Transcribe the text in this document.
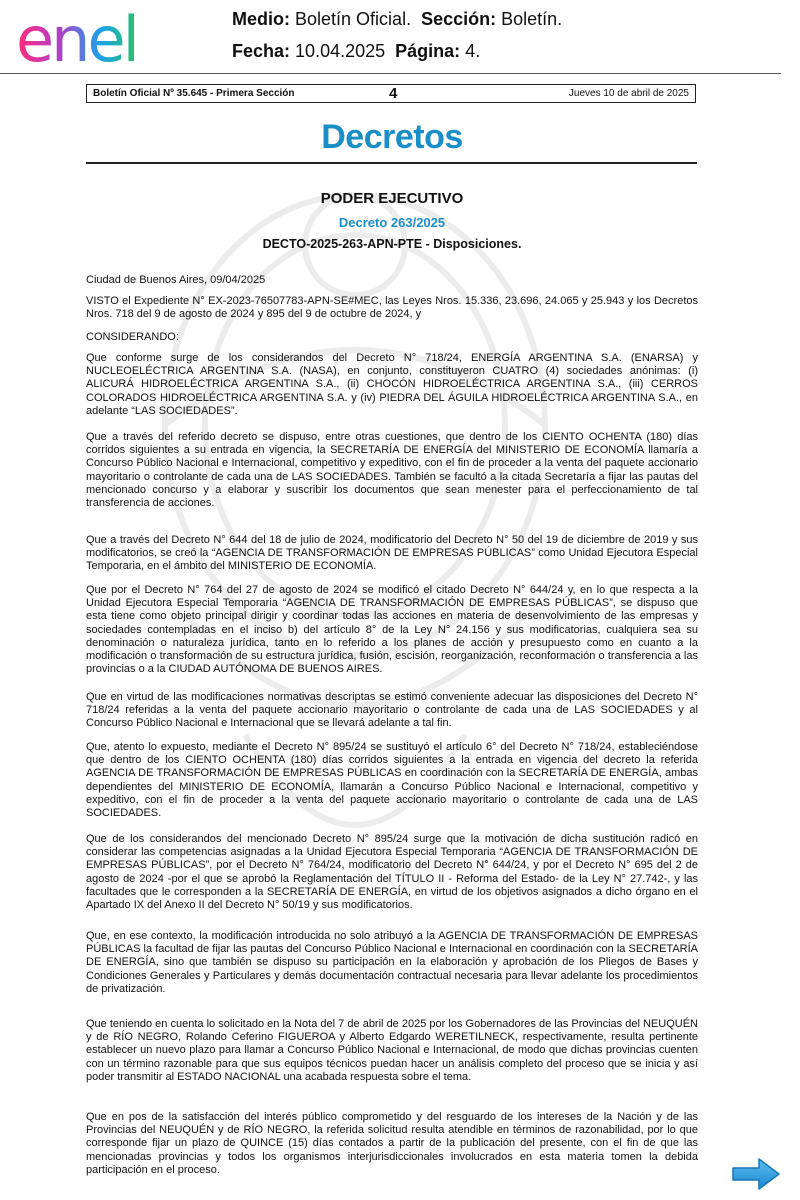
enel	Medio: Boletín Oficial. Sección: Boletín.
Fecha: 10.04.2025 Página: 4.
Boletín Oficial Nº 35.645 - Primera Sección	4	Jueves 10 de abril de 2025
Decretos
PODER EJECUTIVO
Decreto 263/2025
DECTO-2025-263-APN-PTE - Disposiciones.

Ciudad de Buenos Aires, 09/04/2025

VISTO el Expediente N° EX-2023-76507783-APN-SE#MEC, las Leyes Nros. 15.336, 23.696, 24.065 y 25.943 y los Decretos Nros. 718 del 9 de agosto de 2024 y 895 del 9 de octubre de 2024, y

CONSIDERANDO:

Que conforme surge de los considerandos del Decreto N° 718/24, ENERGÍA ARGENTINA S.A. (ENARSA) y NUCLEOELÉCTRICA ARGENTINA S.A. (NASA), en conjunto, constituyeron CUATRO (4) sociedades anónimas: (i) ALICURÁ HIDROELÉCTRICA ARGENTINA S.A., (ii) CHOCÓN HIDROELÉCTRICA ARGENTINA S.A., (iii) CERROS COLORADOS HIDROELÉCTRICA ARGENTINA S.A. y (iv) PIEDRA DEL ÁGUILA HIDROELÉCTRICA ARGENTINA S.A., en adelante “LAS SOCIEDADES”.

Que a través del referido decreto se dispuso, entre otras cuestiones, que dentro de los CIENTO OCHENTA (180) días corridos siguientes a su entrada en vigencia, la SECRETARÍA DE ENERGÍA del MINISTERIO DE ECONOMÍA llamaría a Concurso Público Nacional e Internacional, competitivo y expeditivo, con el fin de proceder a la venta del paquete accionario mayoritario o controlante de cada una de LAS SOCIEDADES. También se facultó a la citada Secretaría a fijar las pautas del mencionado concurso y a elaborar y suscribir los documentos que sean menester para el perfeccionamiento de tal transferencia de acciones.

Que a través del Decreto N° 644 del 18 de julio de 2024, modificatorio del Decreto N° 50 del 19 de diciembre de 2019 y sus modificatorios, se creó la “AGENCIA DE TRANSFORMACIÓN DE EMPRESAS PÚBLICAS” como Unidad Ejecutora Especial Temporaria, en el ámbito del MINISTERIO DE ECONOMÍA.

Que por el Decreto N° 764 del 27 de agosto de 2024 se modificó el citado Decreto N° 644/24 y, en lo que respecta a la Unidad Ejecutora Especial Temporaria “AGENCIA DE TRANSFORMACIÓN DE EMPRESAS PÚBLICAS”, se dispuso que esta tiene como objeto principal dirigir y coordinar todas las acciones en materia de desenvolvimiento de las empresas y sociedades contempladas en el inciso b) del artículo 8° de la Ley N° 24.156 y sus modificatorias, cualquiera sea su denominación o naturaleza jurídica, tanto en lo referido a los planes de acción y presupuesto como en cuanto a la modificación o transformación de su estructura jurídica, fusión, escisión, reorganización, reconformación o transferencia a las provincias o a la CIUDAD AUTÓNOMA DE BUENOS AIRES.

Que en virtud de las modificaciones normativas descriptas se estimó conveniente adecuar las disposiciones del Decreto N° 718/24 referidas a la venta del paquete accionario mayoritario o controlante de cada una de LAS SOCIEDADES y al Concurso Público Nacional e Internacional que se llevará adelante a tal fin.

Que, atento lo expuesto, mediante el Decreto N° 895/24 se sustituyó el artículo 6° del Decreto N° 718/24, estableciéndose que dentro de los CIENTO OCHENTA (180) días corridos siguientes a la entrada en vigencia del decreto la referida AGENCIA DE TRANSFORMACIÓN DE EMPRESAS PÚBLICAS en coordinación con la SECRETARÍA DE ENERGÍA, ambas dependientes del MINISTERIO DE ECONOMÍA, llamarán a Concurso Público Nacional e Internacional, competitivo y expeditivo, con el fin de proceder a la venta del paquete accionario mayoritario o controlante de cada una de LAS SOCIEDADES.

Que de los considerandos del mencionado Decreto N° 895/24 surge que la motivación de dicha sustitución radicó en considerar las competencias asignadas a la Unidad Ejecutora Especial Temporaria “AGENCIA DE TRANSFORMACIÓN DE EMPRESAS PÚBLICAS”, por el Decreto N° 764/24, modificatorio del Decreto N° 644/24, y por el Decreto N° 695 del 2 de agosto de 2024 -por el que se aprobó la Reglamentación del TÍTULO II - Reforma del Estado- de la Ley N° 27.742-, y las facultades que le corresponden a la SECRETARÍA DE ENERGÍA, en virtud de los objetivos asignados a dicho órgano en el Apartado IX del Anexo II del Decreto N° 50/19 y sus modificatorios.

Que, en ese contexto, la modificación introducida no solo atribuyó a la AGENCIA DE TRANSFORMACIÓN DE EMPRESAS PÚBLICAS la facultad de fijar las pautas del Concurso Público Nacional e Internacional en coordinación con la SECRETARÍA DE ENERGÍA, sino que también se dispuso su participación en la elaboración y aprobación de los Pliegos de Bases y Condiciones Generales y Particulares y demás documentación contractual necesaria para llevar adelante los procedimientos de privatización.

Que teniendo en cuenta lo solicitado en la Nota del 7 de abril de 2025 por los Gobernadores de las Provincias del NEUQUÉN y de RÍO NEGRO, Rolando Ceferino FIGUEROA y Alberto Edgardo WERETILNECK, respectivamente, resulta pertinente establecer un nuevo plazo para llamar a Concurso Público Nacional e Internacional, de modo que dichas provincias cuenten con un término razonable para que sus equipos técnicos puedan hacer un análisis completo del proceso que se inicia y así poder transmitir al ESTADO NACIONAL una acabada respuesta sobre el tema.

Que en pos de la satisfacción del interés público comprometido y del resguardo de los intereses de la Nación y de las Provincias del NEUQUÉN y de RÍO NEGRO, la referida solicitud resulta atendible en términos de razonabilidad, por lo que corresponde fijar un plazo de QUINCE (15) días contados a partir de la publicación del presente, con el fin de que las mencionadas provincias y todos los organismos interjurisdiccionales involucrados en esta materia tomen la debida participación en el proceso.
